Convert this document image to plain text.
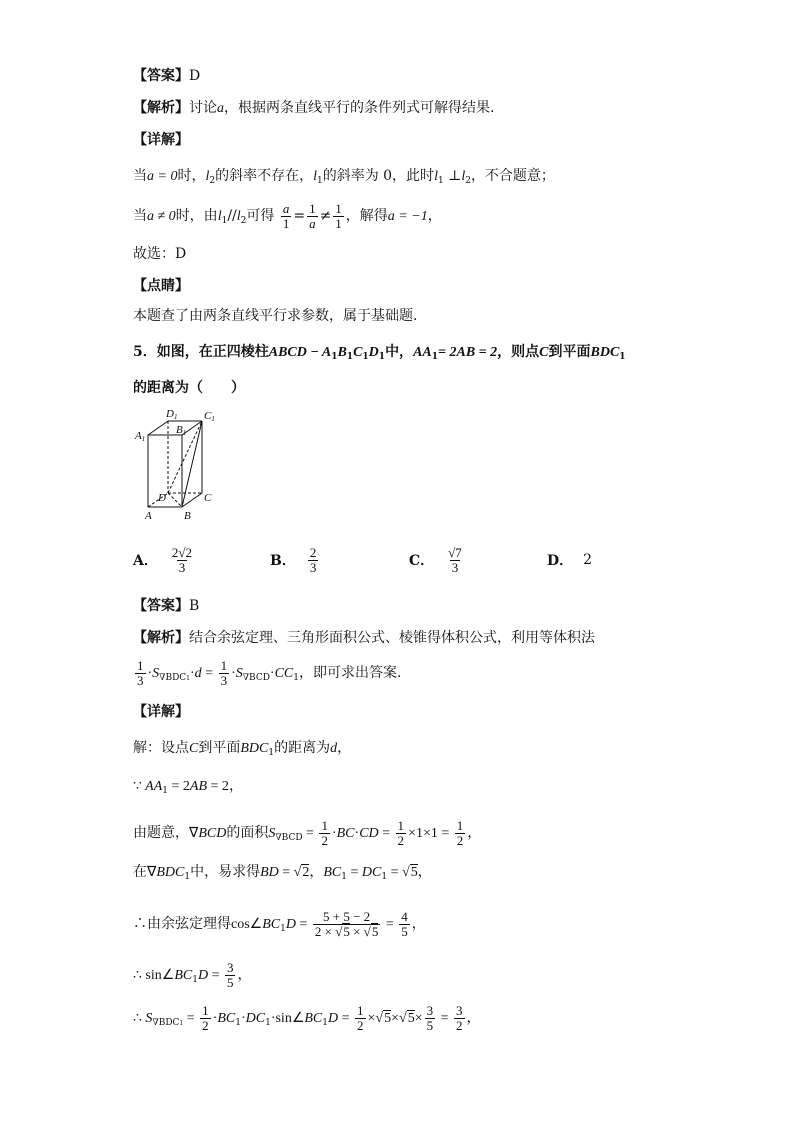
【答案】D
【解析】讨论a，根据两条直线平行的条件列式可解得结果.
【详解】
当a = 0时，$l_2$的斜率不存在，$l_1$的斜率为 0，此时$l_1$ $\perp l_2$，不合题意；
当a ≠ 0时，由$l_1//l_2$可得 $\frac{a}{1} = \frac{1}{a} \ne \frac{1}{1}$ ，解得a = −1，
故选：D
【点睛】
本题查了由两条直线平行求参数，属于基础题.
5．如图，在正四棱柱ABCD − $A_1B_1C_1D_1$中，$AA_1= 2AB = 2$，则点C到平面$BDC_1$
的距离为（　　）
D1 C1
A1
B1
D	C
A	B
A． $\frac{2√2}{3}$	B． $\frac{2}{3}$	C． $\frac{√7}{3}$	D． 2
【答案】B
【解析】结合余弦定理、三角形面积公式、棱锥得体积公式，利用等体积法
$\frac{1}{3} \cdot S_{\nabla BDC1}\cdot d = \frac{1}{3} \cdot S_{\nabla BCD}\cdot CC_1$，即可求出答案.
【详解】
解：设点C到平面$BDC_1$的距离为d，
∵ $AA_1 = 2AB = 2$，
由题意，∇BCD的面积$S_{\nabla BCD} = \frac{1}{2} \cdot BC\cdot CD = \frac{1}{2} \times 1\times 1 = \frac{1}{2}$ ，
在$\nabla BDC_1$中，易求得BD = √2，$BC_1 = DC_1 = √5$，
∴由余弦定理得$\cos\angle BC_1D = \frac{5 + 5 - 2}{2 \times √5 \times √5} = \frac{4}{5}$ ，
∴ $\sin\angle BC_1D = \frac{3}{5}$ ，
∴ $S_{\nabla BDC1} = \frac{1}{2}$ $\cdot BC_1\cdot DC_1\cdot\sin\angle BC_1D = \frac{1}{2} \times√5\times√5\times \frac{3}{5} = \frac{3}{2}$ ，
